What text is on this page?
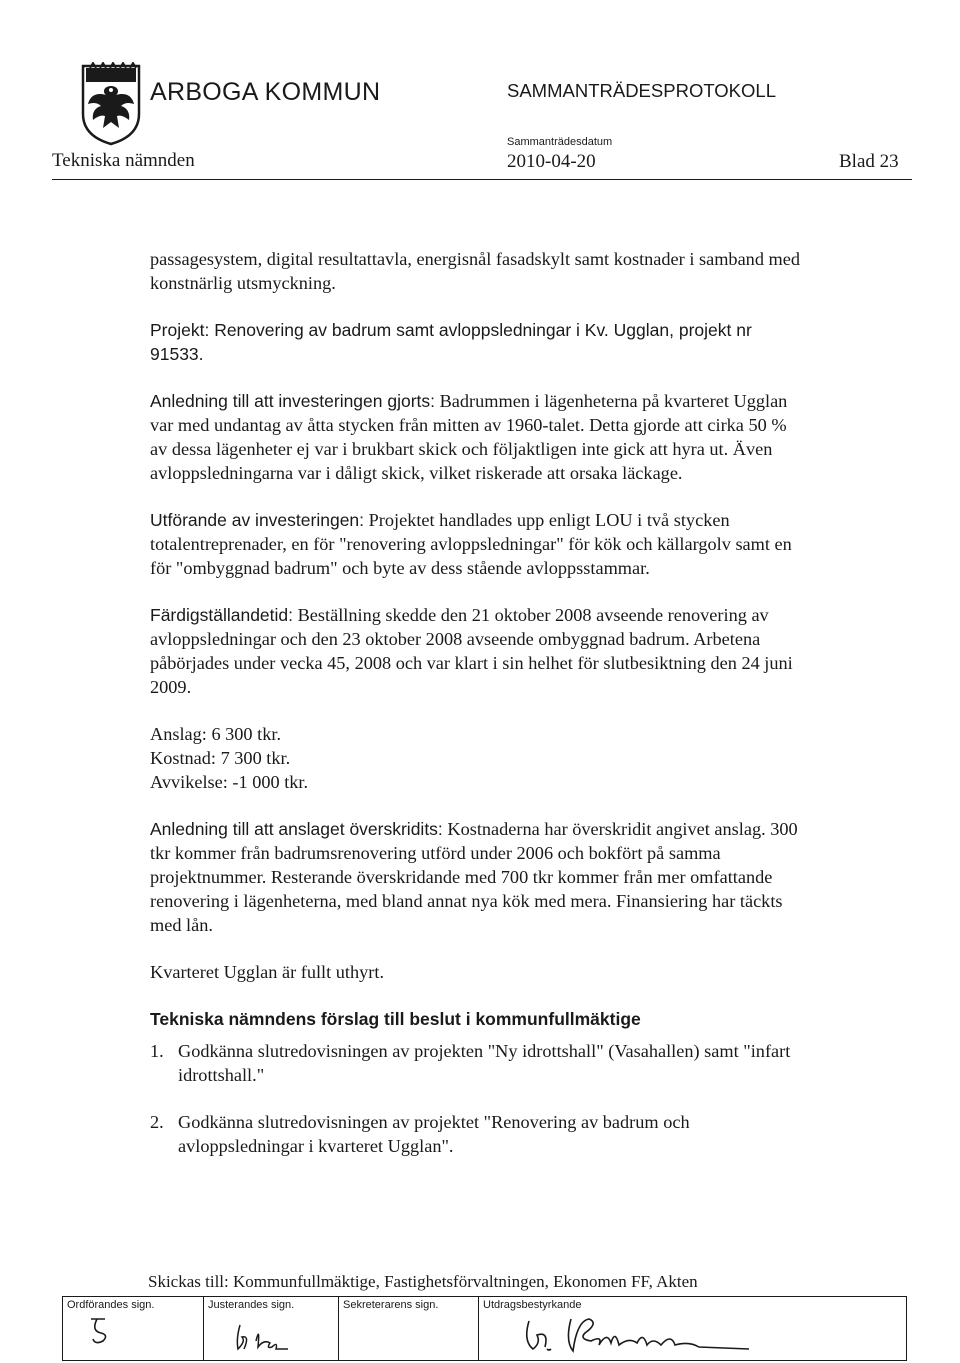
ARBOGA KOMMUN	SAMMANTRÄDESPROTOKOLL
Tekniska nämnden
Sammanträdesdatum
2010-04-20	Blad 23

passagesystem, digital resultattavla, energisnål fasadskylt samt kostnader i samband med konstnärlig utsmyckning.

Projekt: Renovering av badrum samt avloppsledningar i Kv. Ugglan, projekt nr 91533.

Anledning till att investeringen gjorts: Badrummen i lägenheterna på kvarteret Ugglan var med undantag av åtta stycken från mitten av 1960-talet. Detta gjorde att cirka 50 % av dessa lägenheter ej var i brukbart skick och följaktligen inte gick att hyra ut. Även avloppsledningarna var i dåligt skick, vilket riskerade att orsaka läckage.

Utförande av investeringen: Projektet handlades upp enligt LOU i två stycken totalentreprenader, en för "renovering avloppsledningar" för kök och källargolv samt en för "ombyggnad badrum" och byte av dess stående avloppsstammar.

Färdigställandetid: Beställning skedde den 21 oktober 2008 avseende renovering av avloppsledningar och den 23 oktober 2008 avseende ombyggnad badrum. Arbetena påbörjades under vecka 45, 2008 och var klart i sin helhet för slutbesiktning den 24 juni 2009.

Anslag: 6 300 tkr.

Kostnad: 7 300 tkr.

Avvikelse: -1 000 tkr.

Anledning till att anslaget överskridits: Kostnaderna har överskridit angivet anslag. 300 tkr kommer från badrumsrenovering utförd under 2006 och bokfört på samma projektnummer. Resterande överskridande med 700 tkr kommer från mer omfattande renovering i lägenheterna, med bland annat nya kök med mera. Finansiering har täckts med lån.

Kvarteret Ugglan är fullt uthyrt.

Tekniska nämndens förslag till beslut i kommunfullmäktige

1. Godkänna slutredovisningen av projekten "Ny idrottshall" (Vasahallen) samt "infart idrottshall."
2. Godkänna slutredovisningen av projektet "Renovering av badrum och avloppsledningar i kvarteret Ugglan".
Skickas till: Kommunfullmäktige, Fastighetsförvaltningen, Ekonomen FF, Akten
Ordförandes sign.	Justerandes sign.	Sekreterarens sign.	Utdragsbestyrkande
